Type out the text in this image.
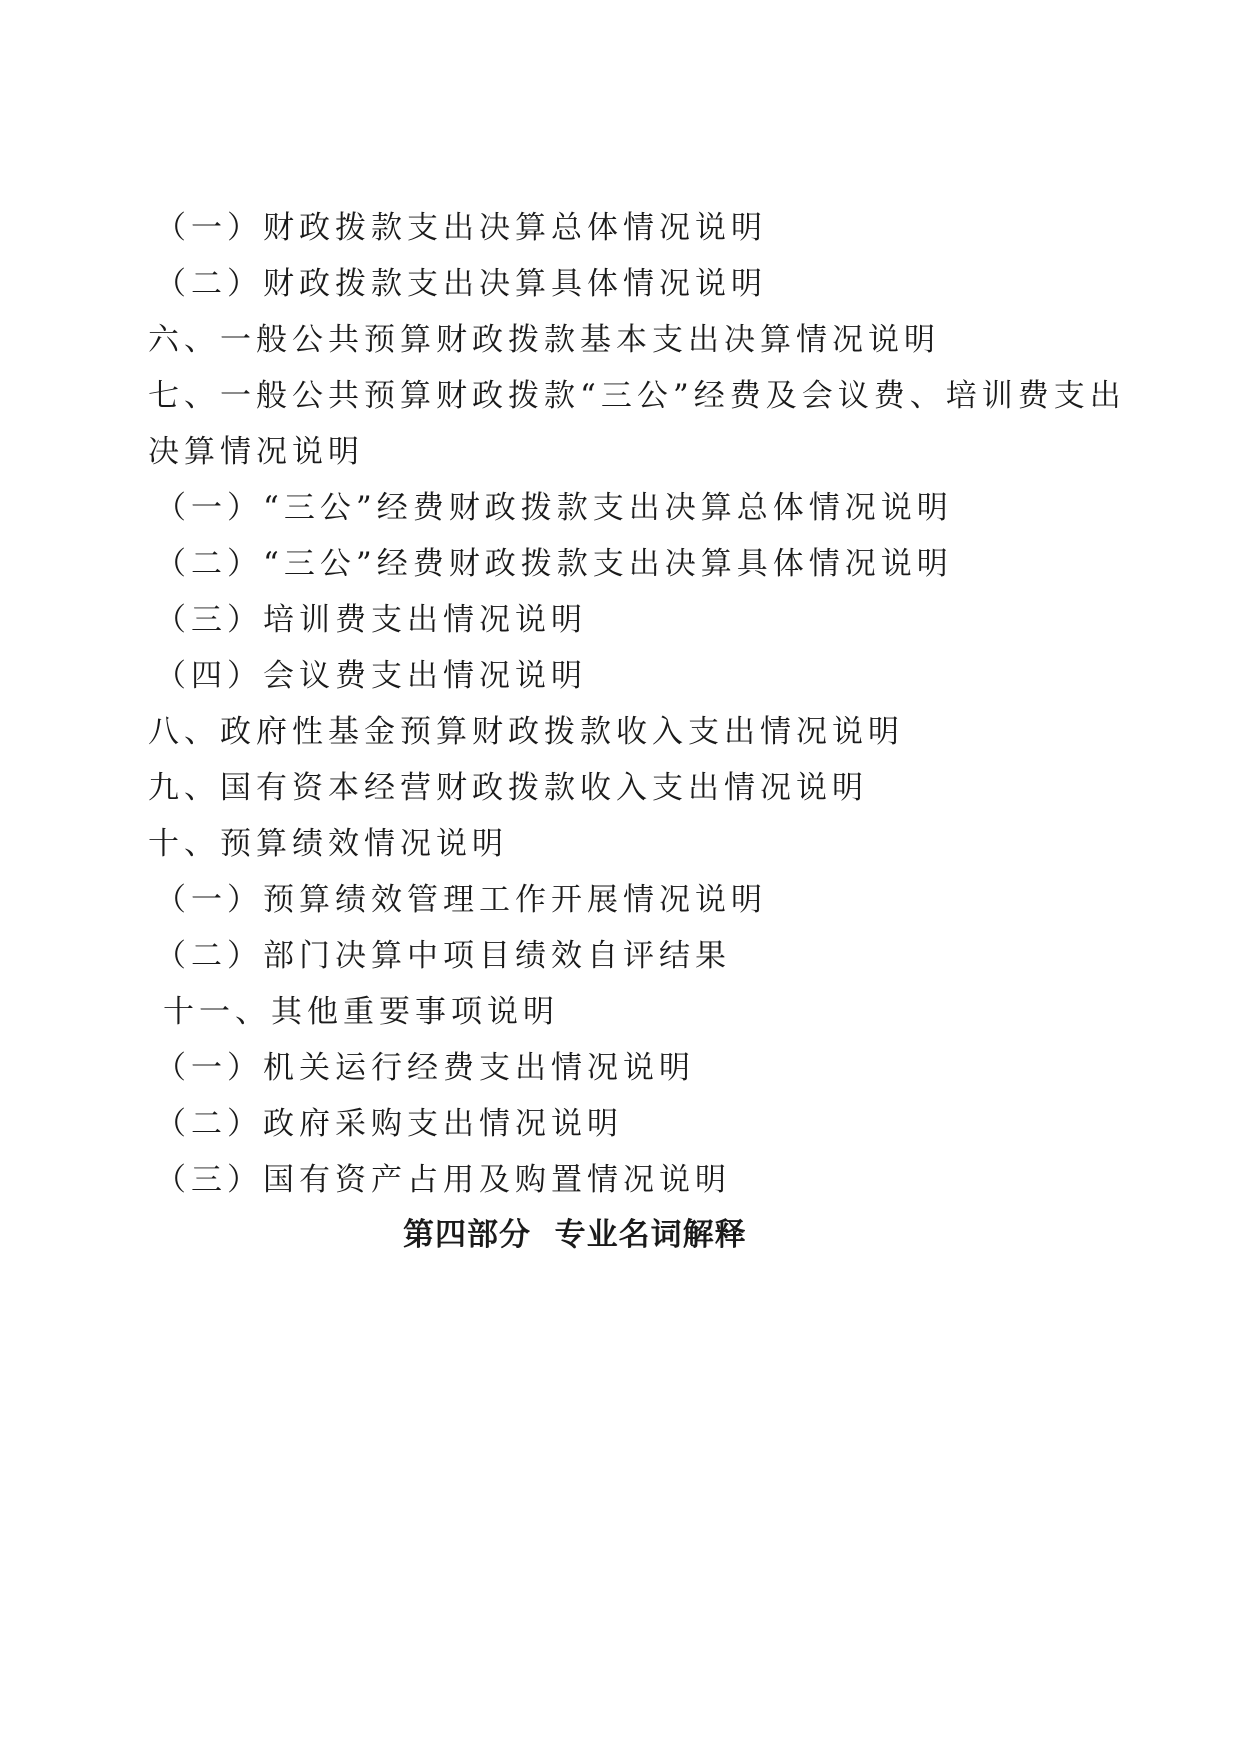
（一）财政拨款支出决算总体情况说明
（二）财政拨款支出决算具体情况说明
六、一般公共预算财政拨款基本支出决算情况说明
七、一般公共预算财政拨款“三公”经费及会议费、培训费支出
决算情况说明
（一）“三公”经费财政拨款支出决算总体情况说明
（二）“三公”经费财政拨款支出决算具体情况说明
（三）培训费支出情况说明
（四）会议费支出情况说明
八、政府性基金预算财政拨款收入支出情况说明
九、国有资本经营财政拨款收入支出情况说明
十、预算绩效情况说明
（一）预算绩效管理工作开展情况说明
（二）部门决算中项目绩效自评结果
十一、其他重要事项说明
（一）机关运行经费支出情况说明
（二）政府采购支出情况说明
（三）国有资产占用及购置情况说明
第四部分  专业名词解释
